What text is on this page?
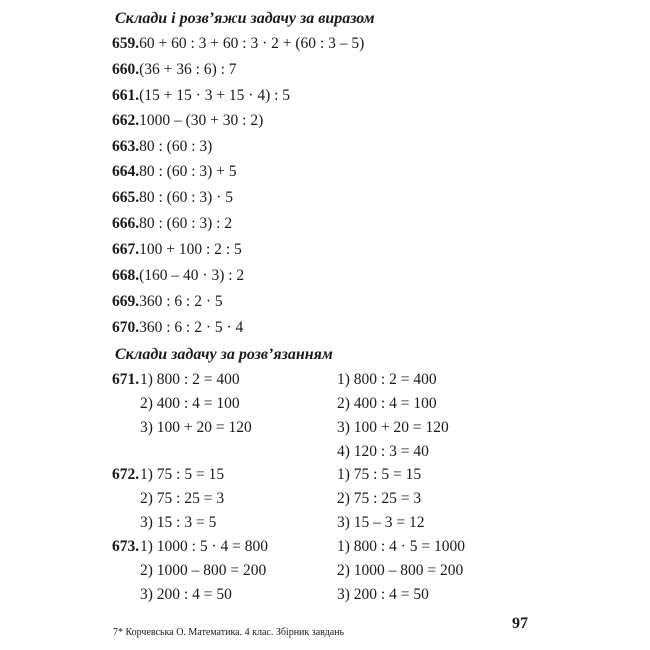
Склади і розв’яжи задачу за виразом
659.60 + 60 : 3 + 60 : 3 · 2 + (60 : 3 – 5)
660.(36 + 36 : 6) : 7
661.(15 + 15 · 3 + 15 · 4) : 5
662.1000 – (30 + 30 : 2)
663.80 : (60 : 3)
664.80 : (60 : 3) + 5
665.80 : (60 : 3) · 5
666.80 : (60 : 3) : 2
667.100 + 100 : 2 : 5
668.(160 – 40 · 3) : 2
669.360 : 6 : 2 · 5
670.360 : 6 : 2 · 5 · 4
Склади задачу за розв’язанням
671. 1) 800 : 2 = 400
2) 400 : 4 = 100
3) 100 + 20 = 120
1) 800 : 2 = 400
2) 400 : 4 = 100
3) 100 + 20 = 120
4) 120 : 3 = 40
672. 1) 75 : 5 = 15
2) 75 : 25 = 3
3) 15 : 3 = 5
1) 75 : 5 = 15
2) 75 : 25 = 3
3) 15 – 3 = 12
673. 1) 1000 : 5 · 4 = 800
2) 1000 – 800 = 200
3) 200 : 4 = 50
1) 800 : 4 · 5 = 1000
2) 1000 – 800 = 200
3) 200 : 4 = 50
97
7* Корчевська О. Математика. 4 клас. Збірник завдань
